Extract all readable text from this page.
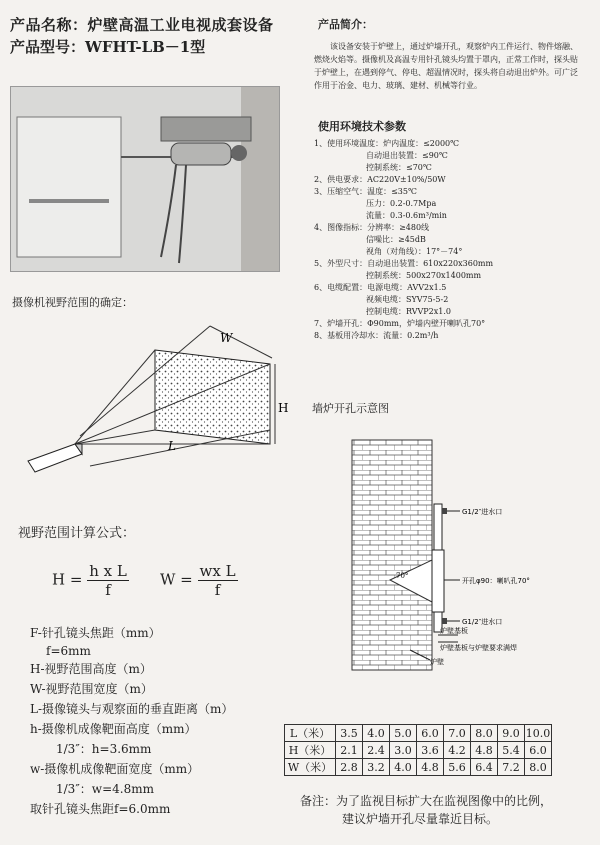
产品名称：炉壁高温工业电视成套设备
产品型号：WFHT-LB－1型
摄像机视野范围的确定：
W
H
L
产品简介：
该设备安装于炉壁上，通过炉墙开孔，观察炉内工件运行、物件熔融、燃烧火焰等。摄像机及高温专用针孔镜头均置于罩内，正常工作时，探头贴于炉壁上，在遇到停气、停电、超温情况时，探头将自动退出炉外。可广泛作用于冶金、电力、玻璃、建材、机械等行业。
使用环境技术参数
1、使用环境温度：炉内温度：≤2000℃
自动退出装置：≤90℃
控制系统：≤70℃
2、供电要求：AC220V±10%/50W
3、压缩空气：温度：≤35℃
压力：0.2-0.7Mpa
流量：0.3-0.6m³/min
4、图像指标：分辨率：≥480线
信噪比：≥45dB
视角（对角线）：17°－74°
5、外型尺寸：自动退出装置：610x220x360mm
控制系统：500x270x1400mm
6、电缆配置：电源电缆：AVV2x1.5
视频电缆：SYV75-5-2
控制电缆：RVVP2x1.0
7、炉墙开孔：Φ90mm，炉墙内壁开喇叭孔70°
8、基板用冷却水：流量：0.2m³/h
墙炉开孔示意图
70°
G1/2″进水口
开孔φ90：喇叭孔70°
G1/2″进水口
炉壁基板
炉壁基板与炉壁要求满焊
炉壁
视野范围计算公式：
$H = \frac{\text{h x L}}{f}$ $W = \frac{\text{wx L}}{f}$
F-针孔镜头焦距（mm）
f=6mm
H-视野范围高度（m）
W-视野范围宽度（m）
L-摄像镜头与观察面的垂直距离（m）
h-摄像机成像靶面高度（mm）
1/3″：h=3.6mm
w-摄像机成像靶面宽度（mm）
1/3″：w=4.8mm
取针孔镜头焦距f=6.0mm
L（米）	3.5	4.0	5.0	6.0	7.0	8.0	9.0	10.0
H（米）	2.1	2.4	3.0	3.6	4.2	4.8	5.4	6.0
W（米）	2.8	3.2	4.0	4.8	5.6	6.4	7.2	8.0
备注：为了监视目标扩大在监视图像中的比例，
建议炉墙开孔尽量靠近目标。
